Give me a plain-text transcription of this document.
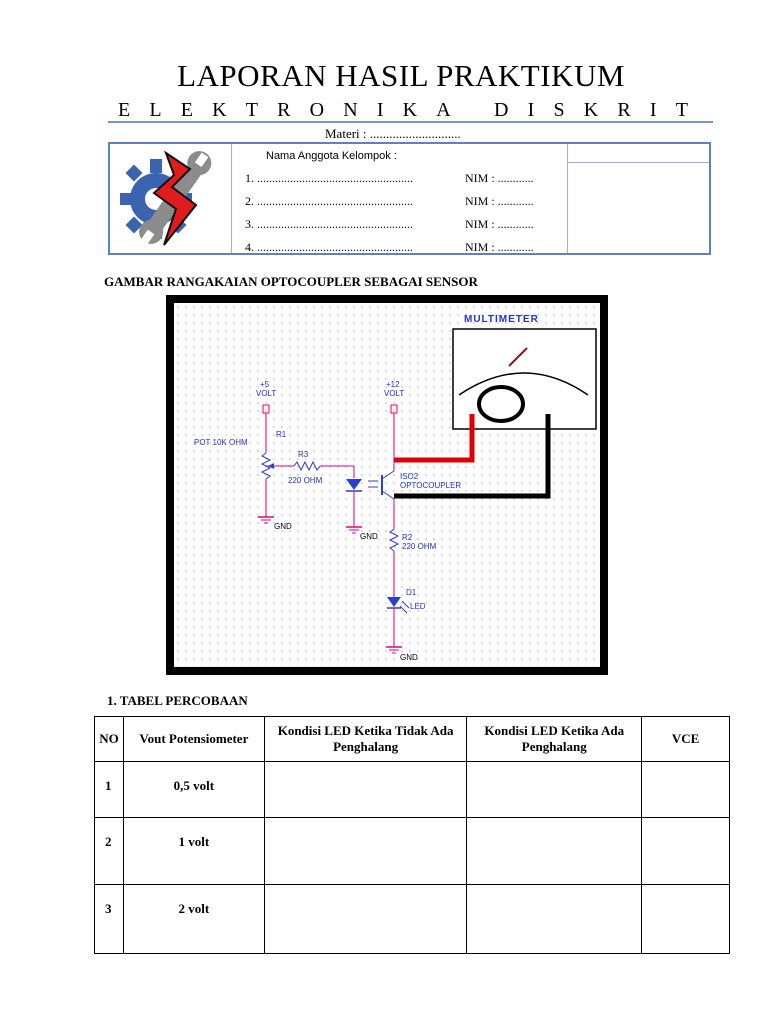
LAPORAN HASIL PRAKTIKUM
E L E K T R O N I K A
D I S K R I T
Materi : ............................
Nama Anggota Kelompok :
1. ....................................................	NIM : ............
2. ....................................................	NIM : ............
3. ....................................................	NIM : ............
4. ....................................................	NIM : ............
GAMBAR RANGAKAIAN OPTOCOUPLER SEBAGAI SENSOR
MULTIMETER
+5
VOLT
GND
R1
POT 10K OHM
R3
220 OHM
GND
ISO2
OPTOCOUPLER
+12
VOLT
R2
220 OHM
D1
LED
GND
1. TABEL PERCOBAAN
NO	Vout Potensiometer	Kondisi LED Ketika Tidak Ada Penghalang	Kondisi LED Ketika Ada Penghalang	VCE
1	0,5 volt			
2	1 volt			
3	2 volt			
